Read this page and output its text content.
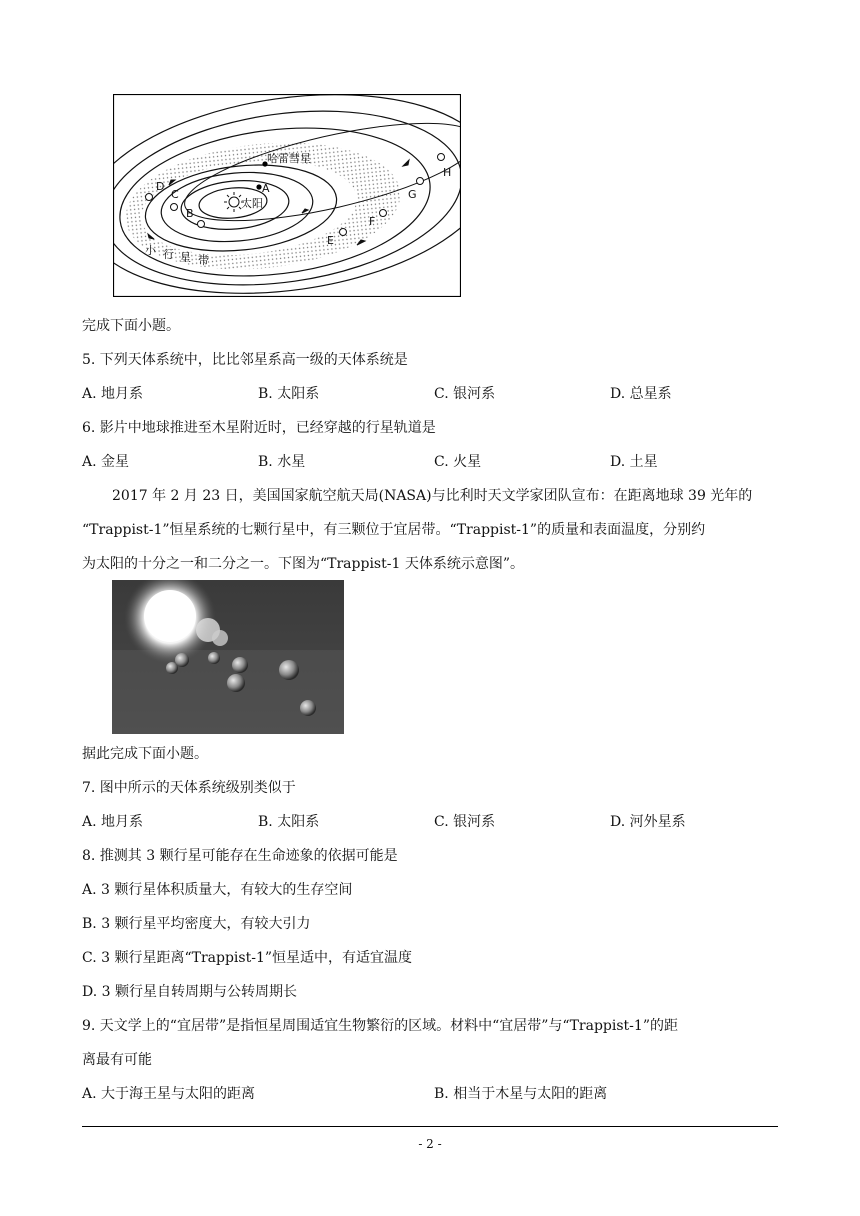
哈雷彗星
太阳
A
B
C
D
E
F
G
H
小 行 星 带
完成下面小题。
5. 下列天体系统中，比比邻星系高一级的天体系统是
A. 地月系	B. 太阳系	C. 银河系	D. 总星系
6. 影片中地球推进至木星附近时，已经穿越的行星轨道是
A. 金星	B. 水星	C. 火星	D. 土星
2017 年 2 月 23 日，美国国家航空航天局(NASA)与比利时天文学家团队宣布：在距离地球 39 光年的
“Trappist-1”恒星系统的七颗行星中，有三颗位于宜居带。“Trappist-1”的质量和表面温度，分别约
为太阳的十分之一和二分之一。下图为“Trappist-1 天体系统示意图”。
据此完成下面小题。
7. 图中所示的天体系统级别类似于
A. 地月系	B. 太阳系	C. 银河系	D. 河外星系
8. 推测其 3 颗行星可能存在生命迹象的依据可能是
A. 3 颗行星体积质量大，有较大的生存空间
B. 3 颗行星平均密度大，有较大引力
C. 3 颗行星距离“Trappist-1”恒星适中，有适宜温度
D. 3 颗行星自转周期与公转周期长
9. 天文学上的“宜居带”是指恒星周围适宜生物繁衍的区域。材料中“宜居带”与“Trappist-1”的距
离最有可能
A. 大于海王星与太阳的距离	B. 相当于木星与太阳的距离
- 2 -
